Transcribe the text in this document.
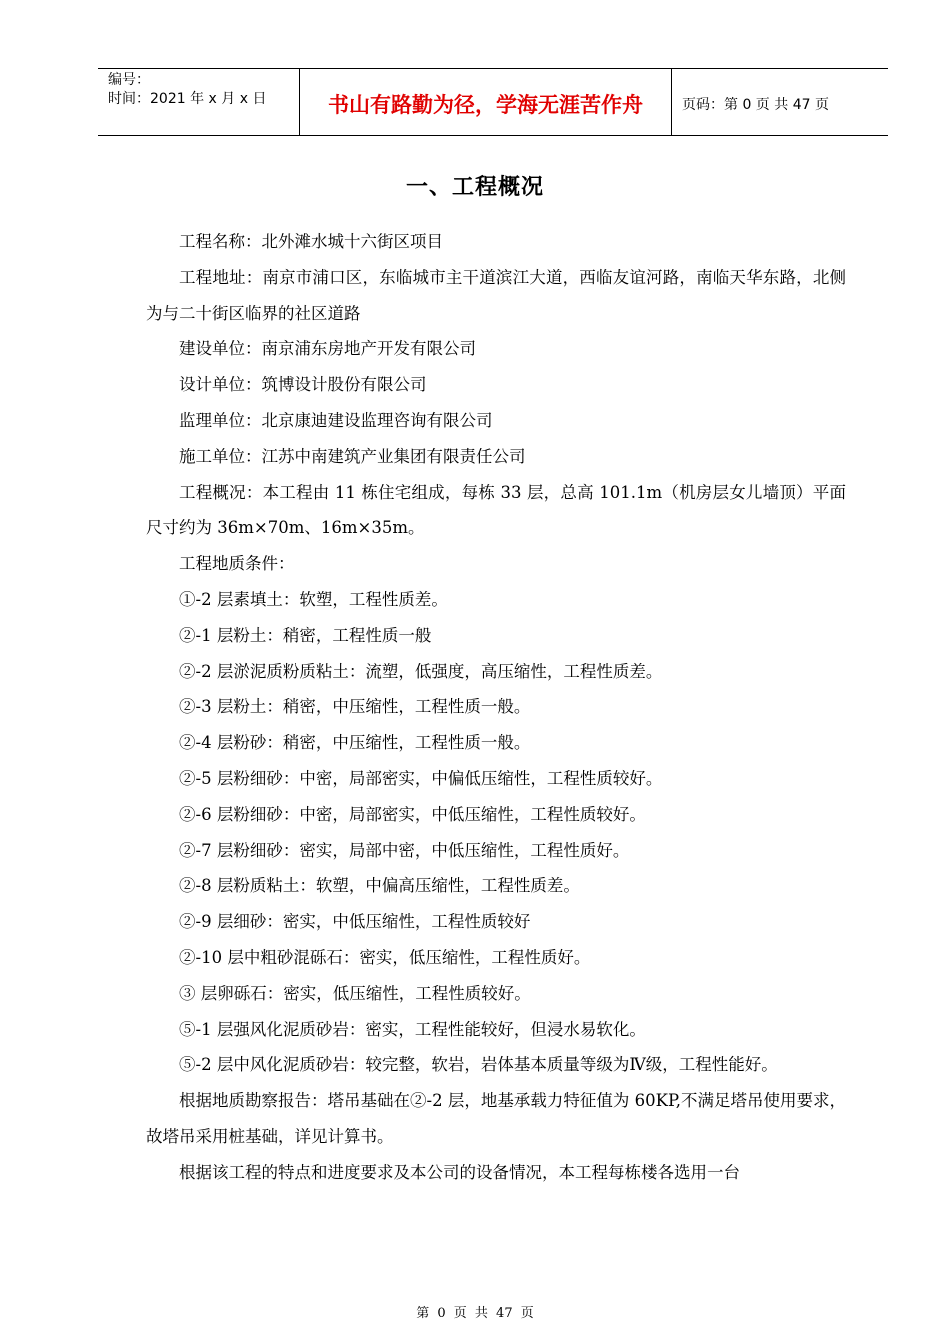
编号：
时间：2021 年 x 月 x 日	书山有路勤为径，学海无涯苦作舟	页码：第 0 页 共 47 页
一、工程概况

工程名称：北外滩水城十六街区项目

工程地址：南京市浦口区，东临城市主干道滨江大道，西临友谊河路，南临天华东路，北侧为与二十街区临界的社区道路

建设单位：南京浦东房地产开发有限公司

设计单位：筑博设计股份有限公司

监理单位：北京康迪建设监理咨询有限公司

施工单位：江苏中南建筑产业集团有限责任公司

工程概况：本工程由 11 栋住宅组成，每栋 33 层，总高 101.1m（机房层女儿墙顶）平面尺寸约为 36m×70m、16m×35m。

工程地质条件：

①-2 层素填土：软塑，工程性质差。

②-1 层粉土：稍密，工程性质一般

②-2 层淤泥质粉质粘土：流塑，低强度，高压缩性，工程性质差。

②-3 层粉土：稍密，中压缩性，工程性质一般。

②-4 层粉砂：稍密，中压缩性，工程性质一般。

②-5 层粉细砂：中密，局部密实，中偏低压缩性，工程性质较好。

②-6 层粉细砂：中密，局部密实，中低压缩性，工程性质较好。

②-7 层粉细砂：密实，局部中密，中低压缩性，工程性质好。

②-8 层粉质粘土：软塑，中偏高压缩性，工程性质差。

②-9 层细砂：密实，中低压缩性，工程性质较好

②-10 层中粗砂混砾石：密实，低压缩性，工程性质好。

③ 层卵砾石：密实，低压缩性，工程性质较好。

⑤-1 层强风化泥质砂岩：密实，工程性能较好，但浸水易软化。

⑤-2 层中风化泥质砂岩：较完整，软岩，岩体基本质量等级为Ⅳ级，工程性能好。

根据地质勘察报告：塔吊基础在②-2 层，地基承载力特征值为 60KP,不满足塔吊使用要求，故塔吊采用桩基础，详见计算书。

根据该工程的特点和进度要求及本公司的设备情况，本工程每栋楼各选用一台

第 0 页 共 47 页
